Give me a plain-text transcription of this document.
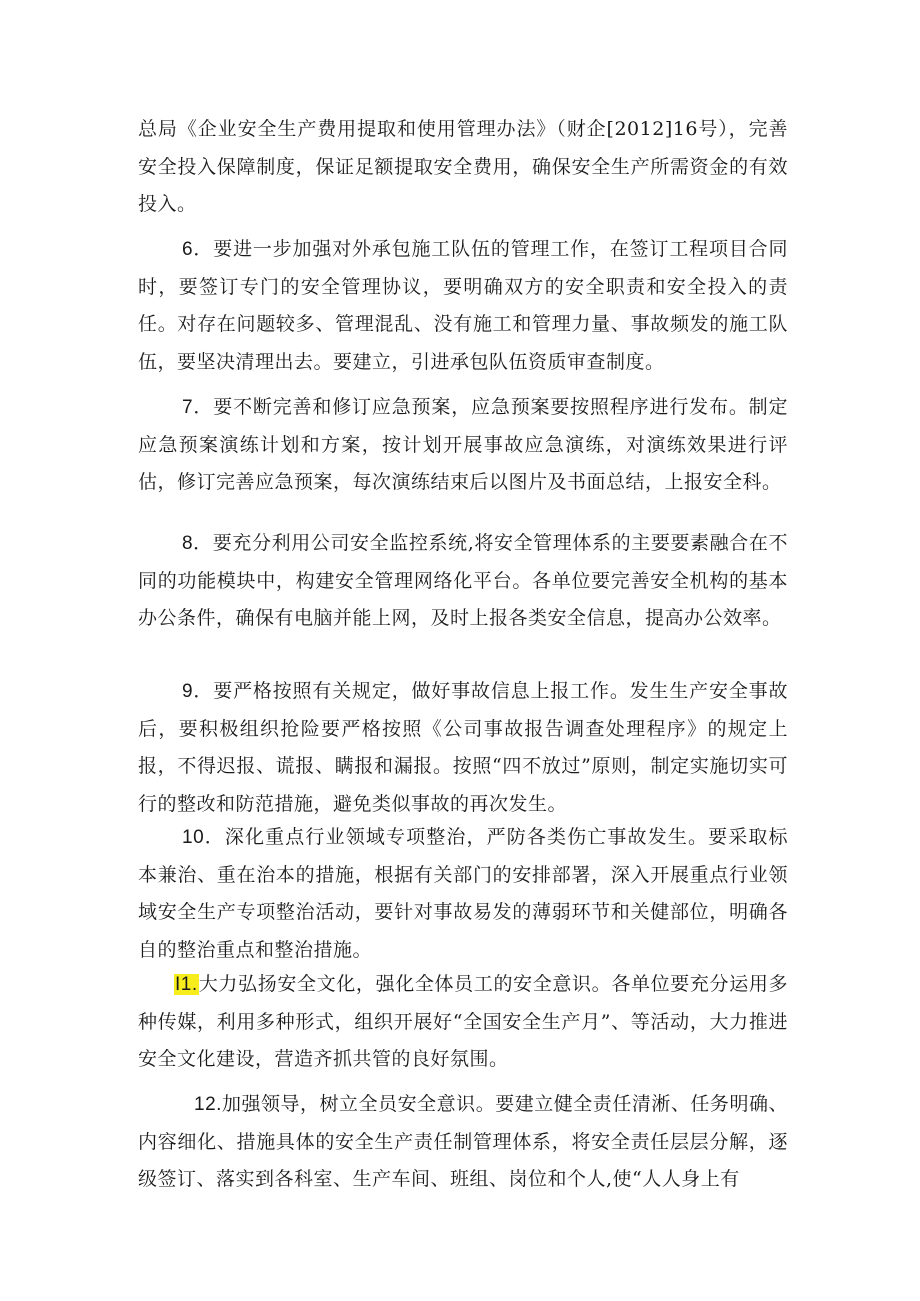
总局《企业安全生产费用提取和使用管理办法》（财企[2012]16号），完善安全投入保障制度，保证足额提取安全费用，确保安全生产所需资金的有效投入。

6．要进一步加强对外承包施工队伍的管理工作，在签订工程项目合同时，要签订专门的安全管理协议，要明确双方的安全职责和安全投入的责任。对存在问题较多、管理混乱、没有施工和管理力量、事故频发的施工队伍，要坚决清理出去。要建立，引进承包队伍资质审查制度。

7．要不断完善和修订应急预案，应急预案要按照程序进行发布。制定应急预案演练计划和方案，按计划开展事故应急演练，对演练效果进行评估，修订完善应急预案，每次演练结束后以图片及书面总结，上报安全科。

8．要充分利用公司安全监控系统,将安全管理体系的主要要素融合在不同的功能模块中，构建安全管理网络化平台。各单位要完善安全机构的基本办公条件，确保有电脑并能上网，及时上报各类安全信息，提高办公效率。

9．要严格按照有关规定，做好事故信息上报工作。发生生产安全事故后，要积极组织抢险要严格按照《公司事故报告调查处理程序》的规定上报，不得迟报、谎报、瞒报和漏报。按照“四不放过”原则，制定实施切实可行的整改和防范措施，避免类似事故的再次发生。

10．深化重点行业领域专项整治，严防各类伤亡事故发生。要采取标本兼治、重在治本的措施，根据有关部门的安排部署，深入开展重点行业领域安全生产专项整治活动，要针对事故易发的薄弱环节和关健部位，明确各自的整治重点和整治措施。

I1.大力弘扬安全文化，强化全体员工的安全意识。各单位要充分运用多种传媒，利用多种形式，组织开展好“全国安全生产月”、等活动，大力推进安全文化建设，营造齐抓共管的良好氛围。

12.加强领导，树立全员安全意识。要建立健全责任清淅、任务明确、内容细化、措施具体的安全生产责任制管理体系，将安全责任层层分解，逐级签订、落实到各科室、生产车间、班组、岗位和个人,使“人人身上有
